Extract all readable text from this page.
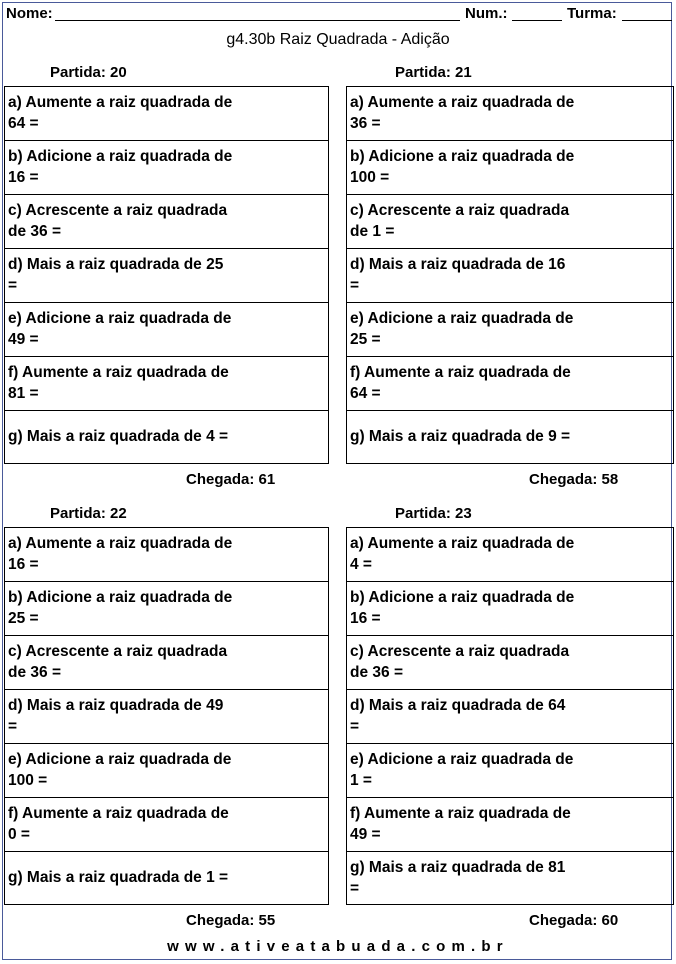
Nome:	Num.:	Turma:
g4.30b Raiz Quadrada - Adição
Partida: 20
a) Aumente a raiz quadrada de
64 =
b) Adicione a raiz quadrada de
16 =
c) Acrescente a raiz quadrada
de 36 =
d) Mais a raiz quadrada de 25
=
e) Adicione a raiz quadrada de
49 =
f) Aumente a raiz quadrada de
81 =
g) Mais a raiz quadrada de 4 =
Chegada: 61
Partida: 21
a) Aumente a raiz quadrada de
36 =
b) Adicione a raiz quadrada de
100 =
c) Acrescente a raiz quadrada
de 1 =
d) Mais a raiz quadrada de 16
=
e) Adicione a raiz quadrada de
25 =
f) Aumente a raiz quadrada de
64 =
g) Mais a raiz quadrada de 9 =
Chegada: 58
Partida: 22
a) Aumente a raiz quadrada de
16 =
b) Adicione a raiz quadrada de
25 =
c) Acrescente a raiz quadrada
de 36 =
d) Mais a raiz quadrada de 49
=
e) Adicione a raiz quadrada de
100 =
f) Aumente a raiz quadrada de
0 =
g) Mais a raiz quadrada de 1 =
Chegada: 55
Partida: 23
a) Aumente a raiz quadrada de
4 =
b) Adicione a raiz quadrada de
16 =
c) Acrescente a raiz quadrada
de 36 =
d) Mais a raiz quadrada de 64
=
e) Adicione a raiz quadrada de
1 =
f) Aumente a raiz quadrada de
49 =
g) Mais a raiz quadrada de 81
=
Chegada: 60
www.ativeatabuada.com.br
